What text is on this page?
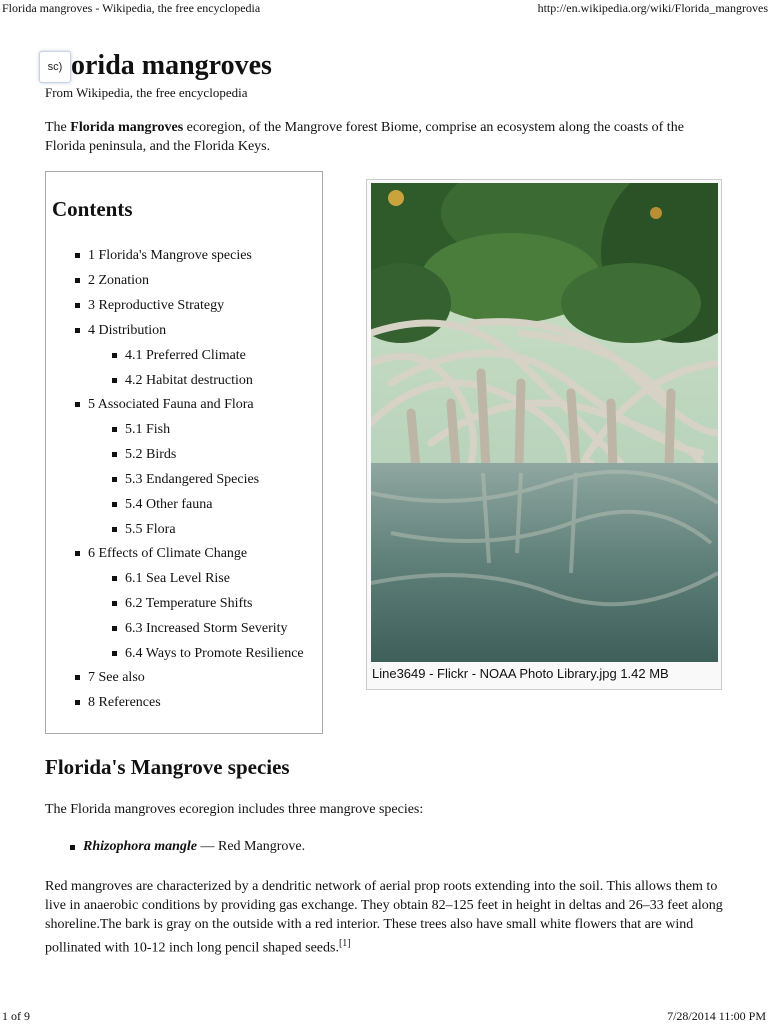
Florida mangroves - Wikipedia, the free encyclopedia	http://en.wikipedia.org/wiki/Florida_mangroves
1 of 9	7/28/2014 11:00 PM
sc) orida mangroves
From Wikipedia, the free encyclopedia

The Florida mangroves ecoregion, of the Mangrove forest Biome, comprise an ecosystem along the coasts of the Florida peninsula, and the Florida Keys.

Contents
1 Florida's Mangrove species
2 Zonation
3 Reproductive Strategy
4 Distribution
4.1 Preferred Climate
4.2 Habitat destruction
5 Associated Fauna and Flora
5.1 Fish
5.2 Birds
5.3 Endangered Species
5.4 Other fauna
5.5 Flora
6 Effects of Climate Change
6.1 Sea Level Rise
6.2 Temperature Shifts
6.3 Increased Storm Severity
6.4 Ways to Promote Resilience
7 See also
8 References
Line3649 - Flickr - NOAA Photo Library.jpg 1.42 MB
Florida's Mangrove species
The Florida mangroves ecoregion includes three mangrove species:
Rhizophora mangle — Red Mangrove.

Red mangroves are characterized by a dendritic network of aerial prop roots extending into the soil. This allows them to live in anaerobic conditions by providing gas exchange. They obtain 82–125 feet in height in deltas and 26–33 feet along shoreline.The bark is gray on the outside with a red interior. These trees also have small white flowers that are wind pollinated with 10-12 inch long pencil shaped seeds.[1]
